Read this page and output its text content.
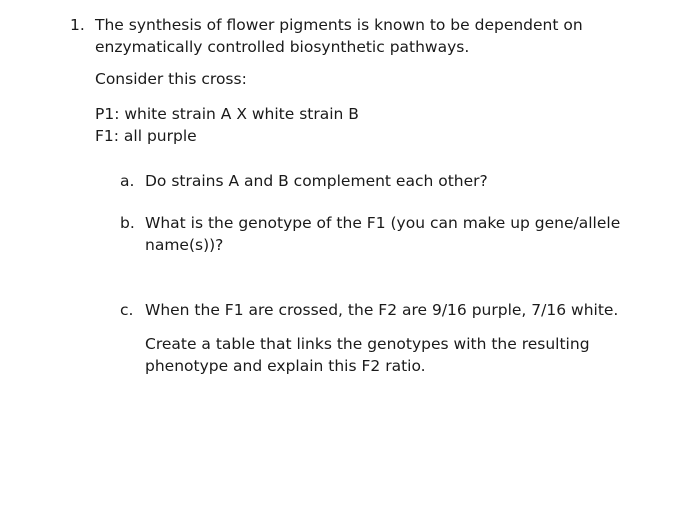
1. The synthesis of flower pigments is known to be dependent on enzymatically controlled biosynthetic pathways.
Consider this cross:
P1: white strain A X white strain B
F1: all purple
a. Do strains A and B complement each other?
b. What is the genotype of the F1 (you can make up gene/allele name(s))?
c. When the F1 are crossed, the F2 are 9/16 purple, 7/16 white.
Create a table that links the genotypes with the resulting phenotype and explain this F2 ratio.
